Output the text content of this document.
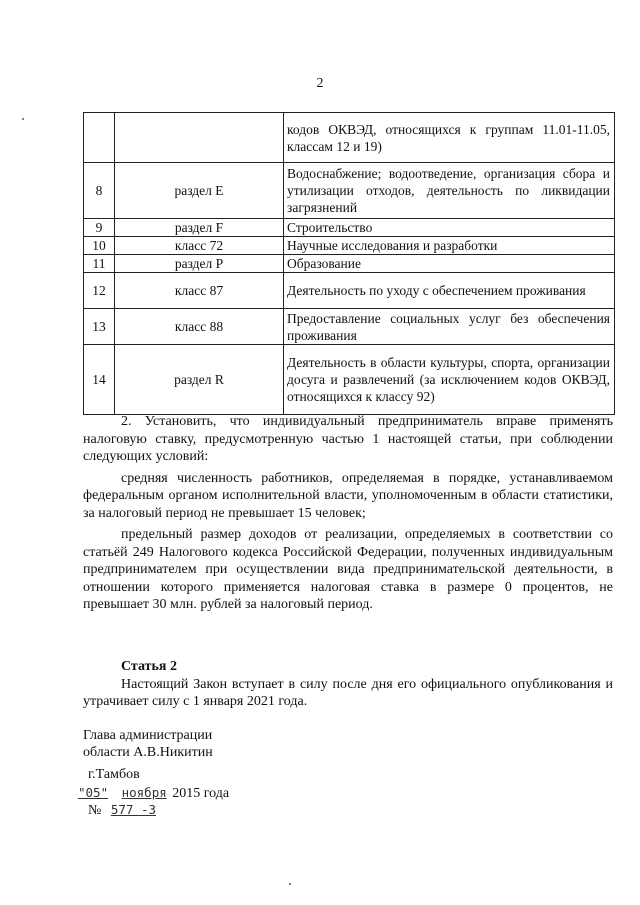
2
		кодов ОКВЭД, относящихся к группам 11.01-11.05, классам 12 и 19)
8	раздел E	Водоснабжение; водоотведение, организация сбора и утилизации отходов, деятельность по ликвидации загрязнений
9	раздел F	Строительство
10	класс 72	Научные исследования и разработки
11	раздел P	Образование
12	класс 87	Деятельность по уходу с обеспечением проживания
13	класс 88	Предоставление социальных услуг без обеспечения проживания
14	раздел R	Деятельность в области культуры, спорта, организации досуга и развлечений (за исключением кодов ОКВЭД, относящихся к классу 92)

2. Установить, что индивидуальный предприниматель вправе применять налоговую ставку, предусмотренную частью 1 настоящей статьи, при соблюдении следующих условий:

средняя численность работников, определяемая в порядке, устанавливаемом федеральным органом исполнительной власти, уполномоченным в области статистики, за налоговый период не превышает 15 человек;

предельный размер доходов от реализации, определяемых в соответствии со статьёй 249 Налогового кодекса Российской Федерации, полученных индивидуальным предпринимателем при осуществлении вида предпринимательской деятельности, в отношении которого применяется налоговая ставка в размере 0 процентов, не превышает 30 млн. рублей за налоговый период.

Статья 2

Настоящий Закон вступает в силу после дня его официального опубликования и утрачивает силу с 1 января 2021 года.

Глава администрации
области А.В.Никитин
г.Тамбов
"05" ноября 2015 года
№ 577 -3
